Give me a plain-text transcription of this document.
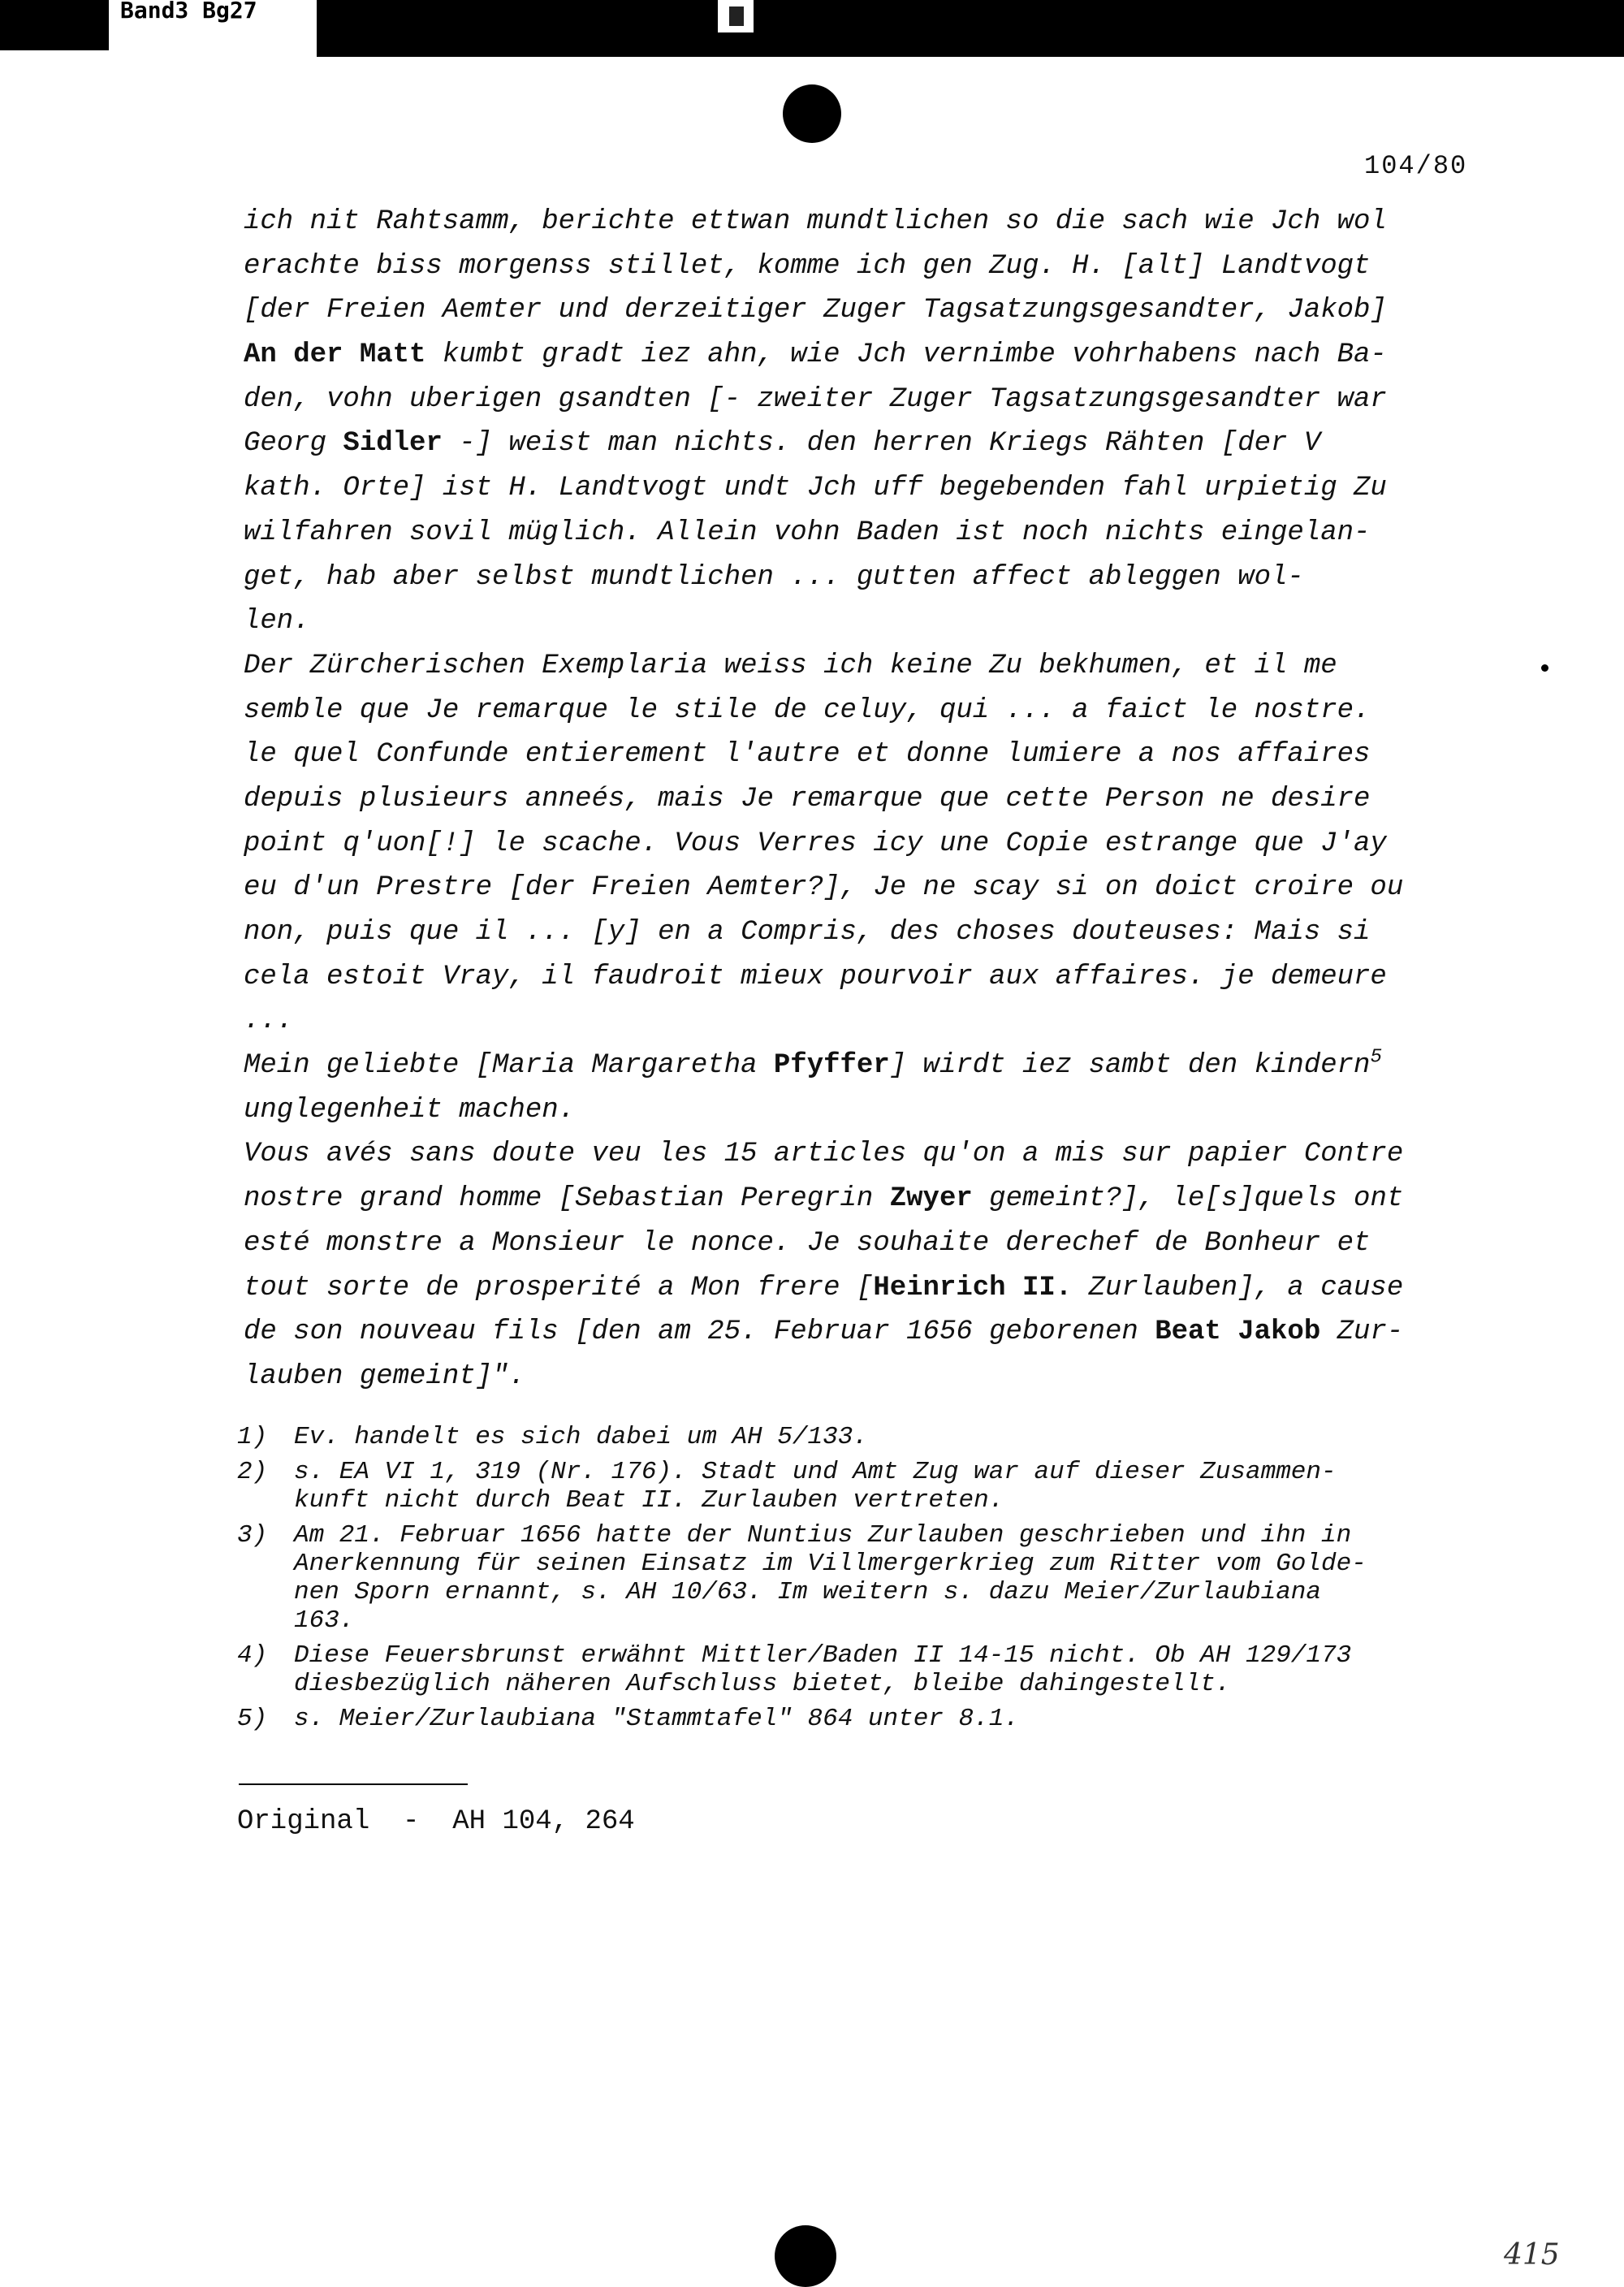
Band3 Bg27
104/80
ich nit Rahtsamm, berichte ettwan mundtlichen so die sach wie Jch wol
erachte biss morgenss stillet, komme ich gen Zug. H. [alt] Landtvogt
[der Freien Aemter und derzeitiger Zuger Tagsatzungsgesandter, Jakob]
An der Matt kumbt gradt iez ahn, wie Jch vernimbe vohrhabens nach Ba-
den, vohn uberigen gsandten [- zweiter Zuger Tagsatzungsgesandter war
Georg Sidler -] weist man nichts. den herren Kriegs Rähten [der V
kath. Orte] ist H. Landtvogt undt Jch uff begebenden fahl urpietig Zu
wilfahren sovil müglich. Allein vohn Baden ist noch nichts eingelan-
get, hab aber selbst mundtlichen ... gutten affect ableggen wol-
len.
Der Zürcherischen Exemplaria weiss ich keine Zu bekhumen, et il me
semble que Je remarque le stile de celuy, qui ... a faict le nostre.
le quel Confunde entierement l'autre et donne lumiere a nos affaires
depuis plusieurs anneés, mais Je remarque que cette Person ne desire
point q'uon[!] le scache. Vous Verres icy une Copie estrange que J'ay
eu d'un Prestre [der Freien Aemter?], Je ne scay si on doict croire ou
non, puis que il ... [y] en a Compris, des choses douteuses: Mais si
cela estoit Vray, il faudroit mieux pourvoir aux affaires. je demeure
...
Mein geliebte [Maria Margaretha Pfyffer] wirdt iez sambt den kindern$^5$
unglegenheit machen.
Vous avés sans doute veu les 15 articles qu'on a mis sur papier Contre
nostre grand homme [Sebastian Peregrin Zwyer gemeint?], le[s]quels ont
esté monstre a Monsieur le nonce. Je souhaite derechef de Bonheur et
tout sorte de prosperité a Mon frere [Heinrich II. Zurlauben], a cause
de son nouveau fils [den am 25. Februar 1656 geborenen Beat Jakob Zur-
lauben gemeint]".
1)	Ev. handelt es sich dabei um AH 5/133.
2)	s. EA VI 1, 319 (Nr. 176). Stadt und Amt Zug war auf dieser Zusammen-
kunft nicht durch Beat II. Zurlauben vertreten.
3)	Am 21. Februar 1656 hatte der Nuntius Zurlauben geschrieben und ihn in
Anerkennung für seinen Einsatz im Villmergerkrieg zum Ritter vom Golde-
nen Sporn ernannt, s. AH 10/63. Im weitern s. dazu Meier/Zurlaubiana
163.
4)	Diese Feuersbrunst erwähnt Mittler/Baden II 14-15 nicht. Ob AH 129/173
diesbezüglich näheren Aufschluss bietet, bleibe dahingestellt.
5)	s. Meier/Zurlaubiana "Stammtafel" 864 unter 8.1.
Original  -  AH 104, 264
415
